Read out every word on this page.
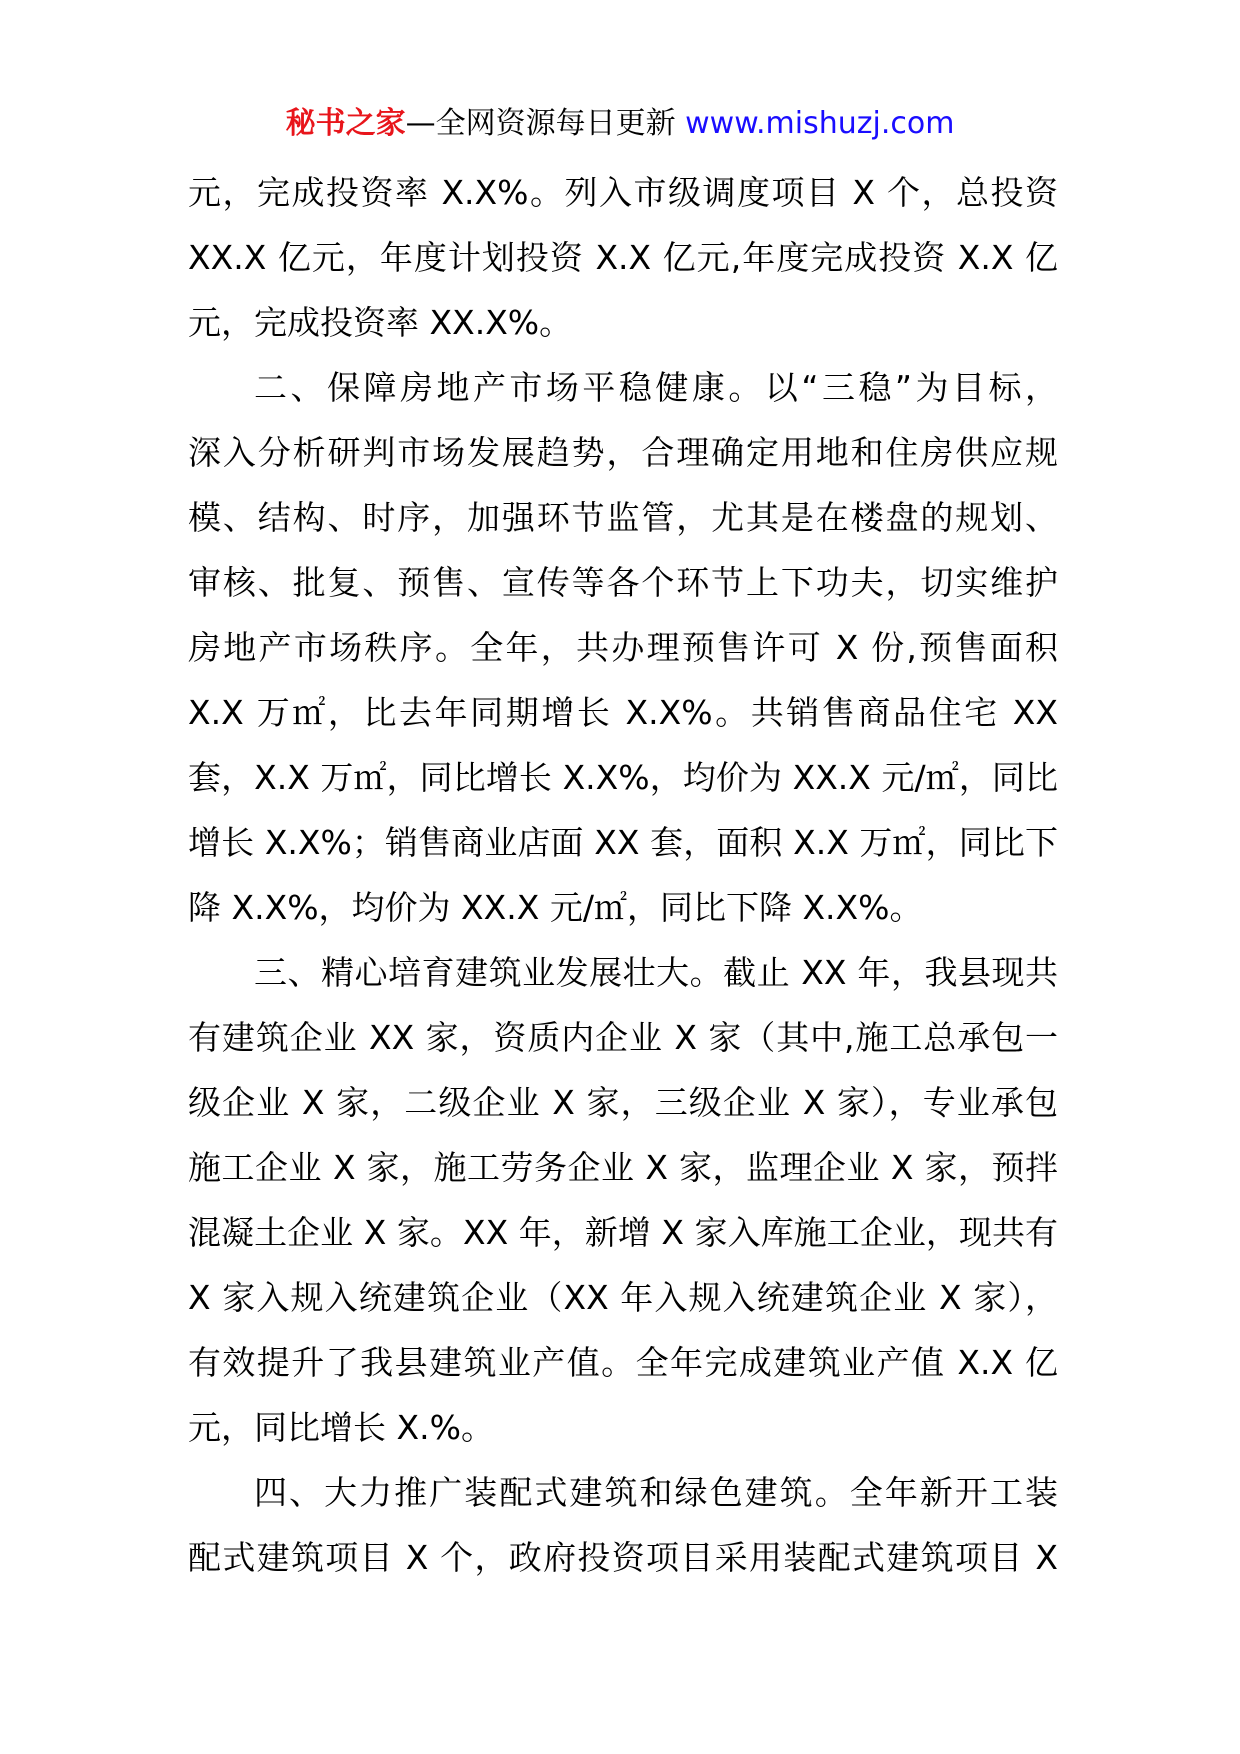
秘书之家—全网资源每日更新 www.mishuzj.com
元，完成投资率 X.X%。列入市级调度项目 X 个，总投资
XX.X 亿元，年度计划投资 X.X 亿元,年度完成投资 X.X 亿
元，完成投资率 XX.X%。
二、保障房地产市场平稳健康。以“三稳”为目标，
深入分析研判市场发展趋势，合理确定用地和住房供应规
模、结构、时序，加强环节监管，尤其是在楼盘的规划、
审核、批复、预售、宣传等各个环节上下功夫，切实维护
房地产市场秩序。全年，共办理预售许可 X 份,预售面积
X.X 万㎡，比去年同期增长 X.X%。共销售商品住宅 XX
套，X.X 万㎡，同比增长 X.X%，均价为 XX.X 元/㎡，同比
增长 X.X%；销售商业店面 XX 套，面积 X.X 万㎡，同比下
降 X.X%，均价为 XX.X 元/㎡，同比下降 X.X%。
三、精心培育建筑业发展壮大。截止 XX 年，我县现共
有建筑企业 XX 家，资质内企业 X 家（其中,施工总承包一
级企业 X 家，二级企业 X 家，三级企业 X 家），专业承包
施工企业 X 家，施工劳务企业 X 家，监理企业 X 家，预拌
混凝土企业 X 家。XX 年，新增 X 家入库施工企业，现共有
X 家入规入统建筑企业（XX 年入规入统建筑企业 X 家），
有效提升了我县建筑业产值。全年完成建筑业产值 X.X 亿
元，同比增长 X.%。
四、大力推广装配式建筑和绿色建筑。全年新开工装
配式建筑项目 X 个，政府投资项目采用装配式建筑项目 X
